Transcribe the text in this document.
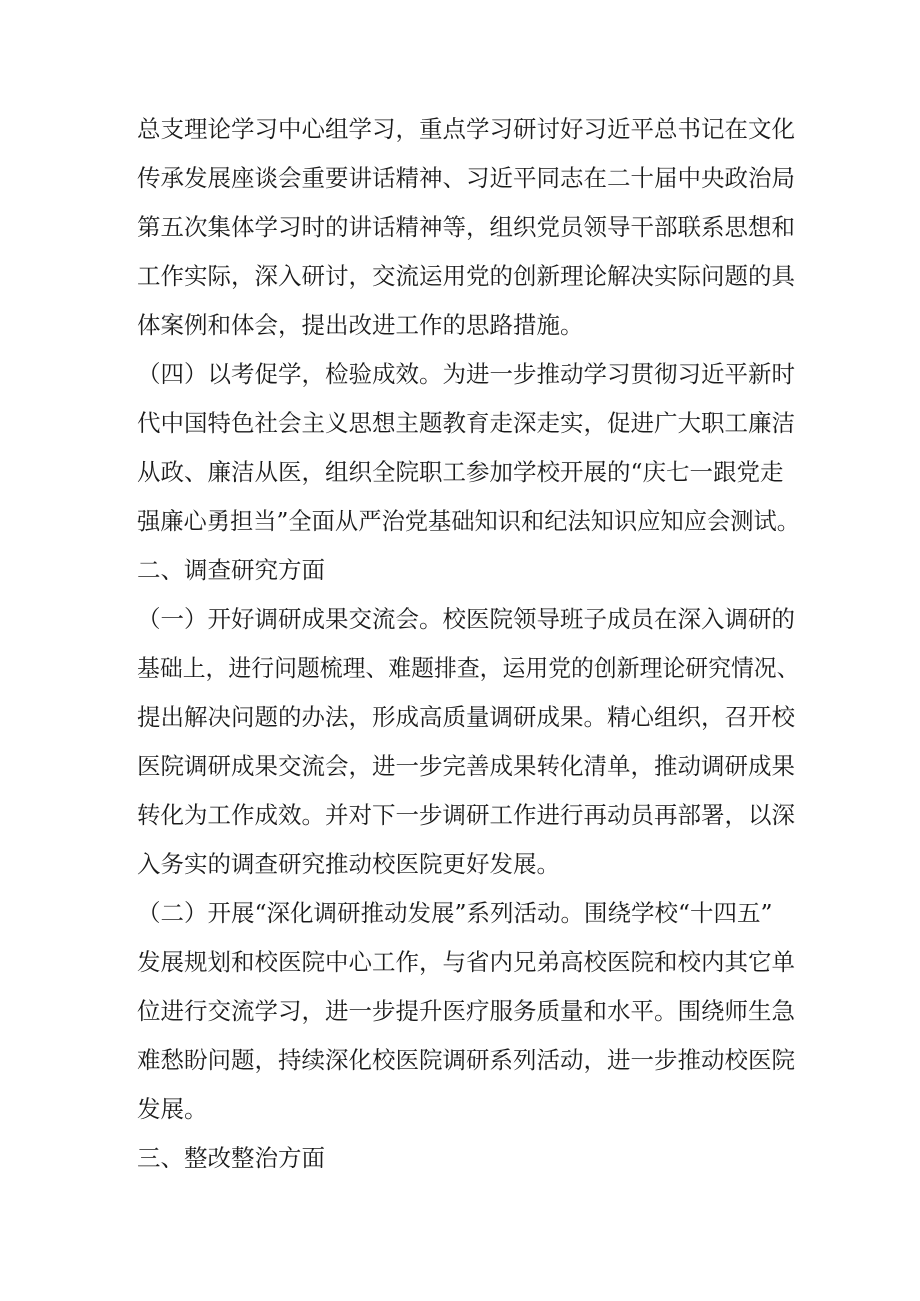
总支理论学习中心组学习，重点学习研讨好习近平总书记在文化
传承发展座谈会重要讲话精神、习近平同志在二十届中央政治局
第五次集体学习时的讲话精神等，组织党员领导干部联系思想和
工作实际，深入研讨，交流运用党的创新理论解决实际问题的具
体案例和体会，提出改进工作的思路措施。
（四）以考促学，检验成效。为进一步推动学习贯彻习近平新时
代中国特色社会主义思想主题教育走深走实，促进广大职工廉洁
从政、廉洁从医，组织全院职工参加学校开展的“庆七一跟党走
强廉心勇担当”全面从严治党基础知识和纪法知识应知应会测试。
二、调查研究方面
（一）开好调研成果交流会。校医院领导班子成员在深入调研的
基础上，进行问题梳理、难题排查，运用党的创新理论研究情况、
提出解决问题的办法，形成高质量调研成果。精心组织，召开校
医院调研成果交流会，进一步完善成果转化清单，推动调研成果
转化为工作成效。并对下一步调研工作进行再动员再部署，以深
入务实的调查研究推动校医院更好发展。
（二）开展“深化调研推动发展”系列活动。围绕学校“十四五”
发展规划和校医院中心工作，与省内兄弟高校医院和校内其它单
位进行交流学习，进一步提升医疗服务质量和水平。围绕师生急
难愁盼问题，持续深化校医院调研系列活动，进一步推动校医院
发展。
三、整改整治方面
